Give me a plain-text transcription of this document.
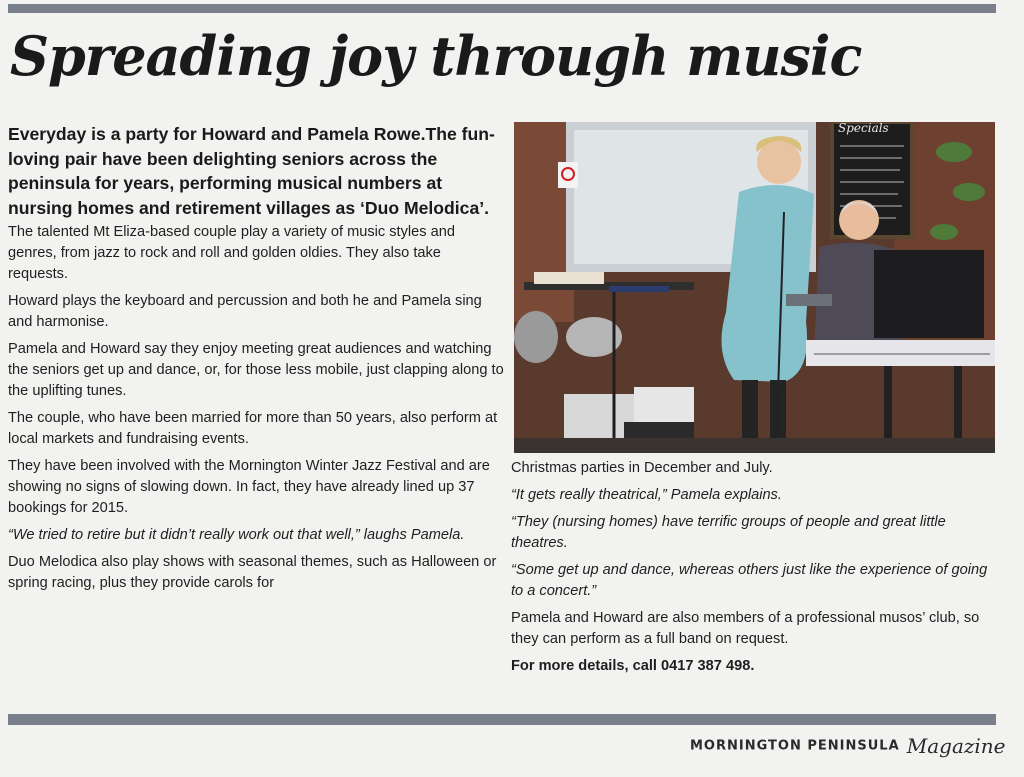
Spreading joy through music

Everyday is a party for Howard and Pamela Rowe.The fun-loving pair have been delighting seniors across the peninsula for years, performing musical numbers at nursing homes and retirement villages as ‘Duo Melodica’.

The talented Mt Eliza-based couple play a variety of music styles and genres, from jazz to rock and roll and golden oldies. They also take requests.

Howard plays the keyboard and percussion and both he and Pamela sing and harmonise.

Pamela and Howard say they enjoy meeting great audiences and watching the seniors get up and dance, or, for those less mobile, just clapping along to the uplifting tunes.

The couple, who have been married for more than 50 years, also perform at local markets and fundraising events.

They have been involved with the Mornington Winter Jazz Festival and are showing no signs of slowing down. In fact, they have already lined up 37 bookings for 2015.

“We tried to retire but it didn’t really work out that well,” laughs Pamela.

Duo Melodica also play shows with seasonal themes, such as Halloween or spring racing, plus they provide carols for

Specials

Christmas parties in December and July.

“It gets really theatrical,” Pamela explains.

“They (nursing homes) have terrific groups of people and great little theatres.

“Some get up and dance, whereas others just like the experience of going to a concert.”

Pamela and Howard are also members of a professional musos’ club, so they can perform as a full band on request.

For more details, call 0417 387 498.

MORNINGTON PENINSULA Magazine
